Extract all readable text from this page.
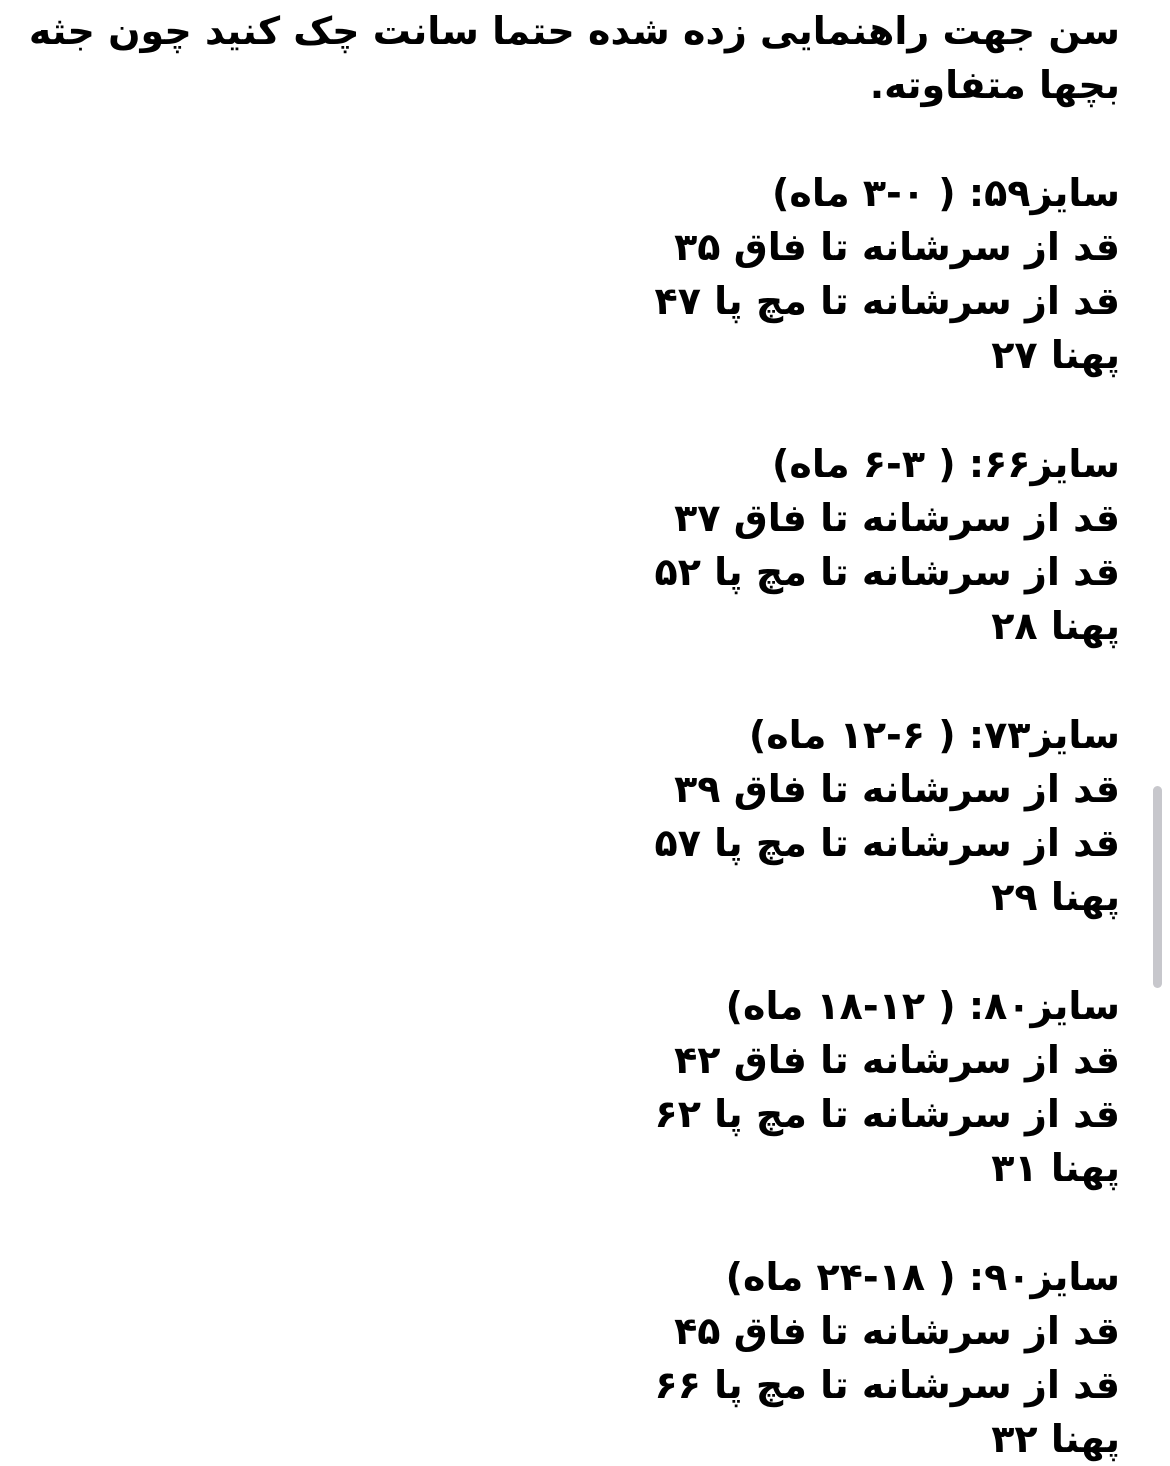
سن جهت راهنمایی زده شده حتما سانت چک کنید چون جثه
بچها متفاوته.
سایز۵۹: ( ۰-۳ ماه)
قد از سرشانه تا فاق ۳۵
قد از سرشانه تا مچ پا ۴۷
پهنا ۲۷
سایز۶۶: ( ۳-۶ ماه)
قد از سرشانه تا فاق ۳۷
قد از سرشانه تا مچ پا ۵۲
پهنا ۲۸
سایز۷۳: ( ۶-۱۲ ماه)
قد از سرشانه تا فاق ۳۹
قد از سرشانه تا مچ پا ۵۷
پهنا ۲۹
سایز۸۰: ( ۱۲-۱۸ ماه)
قد از سرشانه تا فاق ۴۲
قد از سرشانه تا مچ پا ۶۲
پهنا ۳۱
سایز۹۰: ( ۱۸-۲۴ ماه)
قد از سرشانه تا فاق ۴۵
قد از سرشانه تا مچ پا ۶۶
پهنا ۳۲
